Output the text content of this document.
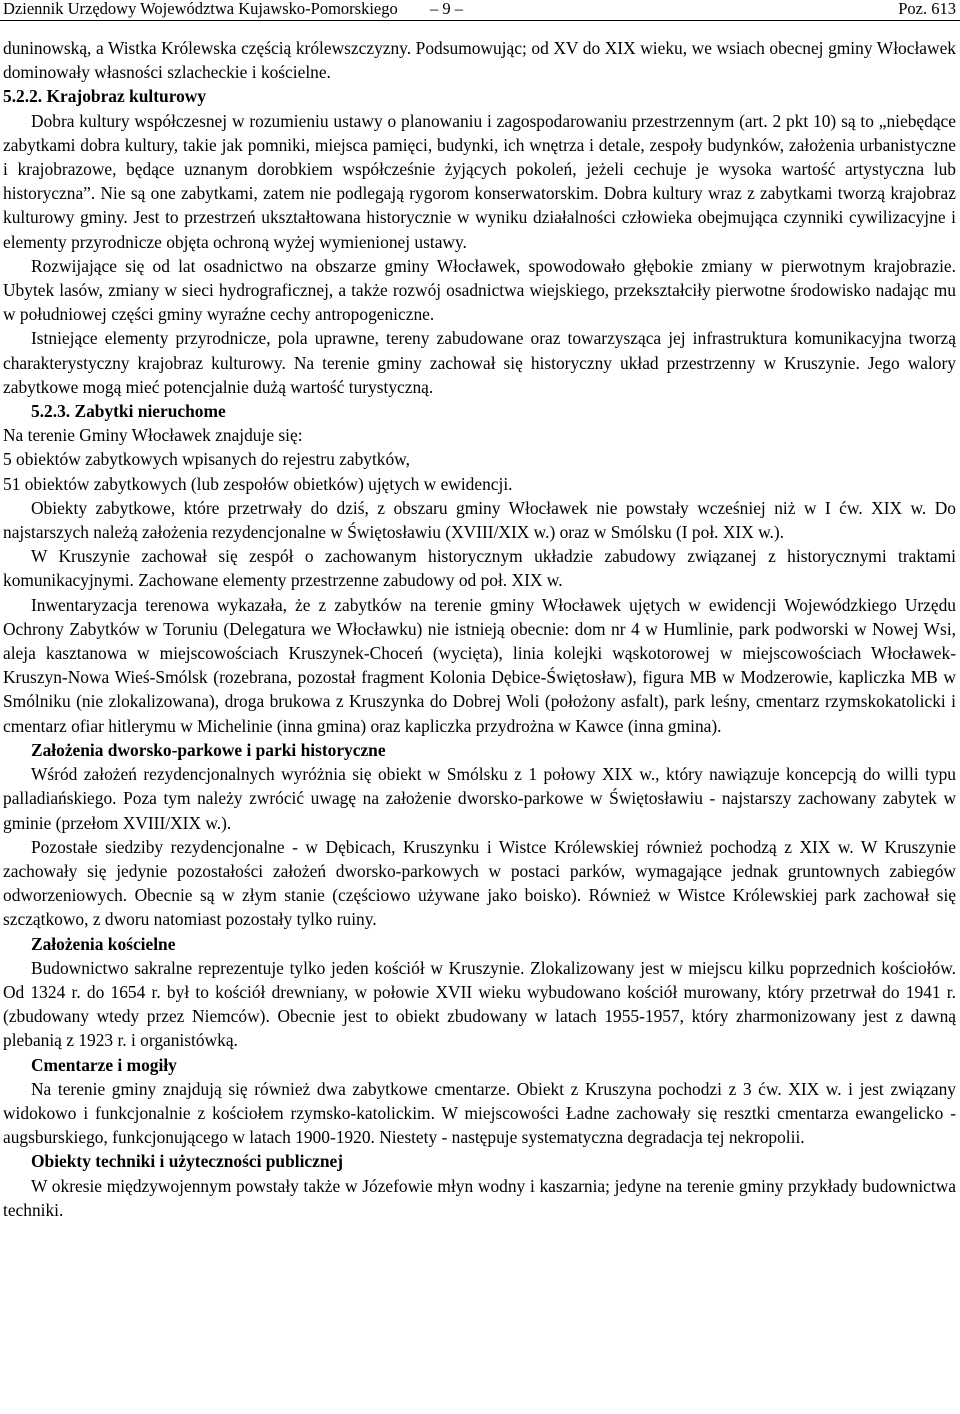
Dziennik Urzędowy Województwa Kujawsko-Pomorskiego – 9 –	Poz. 613

duninowską, a Wistka Królewska częścią królewszczyzny. Podsumowując; od XV do XIX wieku, we wsiach obecnej gminy Włocławek dominowały własności szlacheckie i kościelne.

5.2.2. Krajobraz kulturowy

Dobra kultury współczesnej w rozumieniu ustawy o planowaniu i zagospodarowaniu przestrzennym (art. 2 pkt 10) są to „niebędące zabytkami dobra kultury, takie jak pomniki, miejsca pamięci, budynki, ich wnętrza i detale, zespoły budynków, założenia urbanistyczne i krajobrazowe, będące uznanym dorobkiem współcześnie żyjących pokoleń, jeżeli cechuje je wysoka wartość artystyczna lub historyczna”. Nie są one zabytkami, zatem nie podlegają rygorom konserwatorskim. Dobra kultury wraz z zabytkami tworzą krajobraz kulturowy gminy. Jest to przestrzeń ukształtowana historycznie w wyniku działalności człowieka obejmująca czynniki cywilizacyjne i elementy przyrodnicze objęta ochroną wyżej wymienionej ustawy.

Rozwijające się od lat osadnictwo na obszarze gminy Włocławek, spowodowało głębokie zmiany w pierwotnym krajobrazie. Ubytek lasów, zmiany w sieci hydrograficznej, a także rozwój osadnictwa wiejskiego, przekształciły pierwotne środowisko nadając mu w południowej części gminy wyraźne cechy antropogeniczne.

Istniejące elementy przyrodnicze, pola uprawne, tereny zabudowane oraz towarzysząca jej infrastruktura komunikacyjna tworzą charakterystyczny krajobraz kulturowy. Na terenie gminy zachował się historyczny układ przestrzenny w Kruszynie. Jego walory zabytkowe mogą mieć potencjalnie dużą wartość turystyczną.

5.2.3. Zabytki nieruchome

Na terenie Gminy Włocławek znajduje się:

5 obiektów zabytkowych wpisanych do rejestru zabytków,

51 obiektów zabytkowych (lub zespołów obietków) ujętych w ewidencji.

Obiekty zabytkowe, które przetrwały do dziś, z obszaru gminy Włocławek nie powstały wcześniej niż w I ćw. XIX w. Do najstarszych należą założenia rezydencjonalne w Świętosławiu (XVIII/XIX w.) oraz w Smólsku (I poł. XIX w.).

W Kruszynie zachował się zespół o zachowanym historycznym układzie zabudowy związanej z historycznymi traktami komunikacyjnymi. Zachowane elementy przestrzenne zabudowy od poł. XIX w.

Inwentaryzacja terenowa wykazała, że z zabytków na terenie gminy Włocławek ujętych w ewidencji Wojewódzkiego Urzędu Ochrony Zabytków w Toruniu (Delegatura we Włocławku) nie istnieją obecnie: dom nr 4 w Humlinie, park podworski w Nowej Wsi, aleja kasztanowa w miejscowościach Kruszynek-Choceń (wycięta), linia kolejki wąskotorowej w miejscowościach Włocławek-Kruszyn-Nowa Wieś-Smólsk (rozebrana, pozostał fragment Kolonia Dębice-Świętosław), figura MB w Modzerowie, kapliczka MB w Smólniku (nie zlokalizowana), droga brukowa z Kruszynka do Dobrej Woli (położony asfalt), park leśny, cmentarz rzymskokatolicki i cmentarz ofiar hitlerymu w Michelinie (inna gmina) oraz kapliczka przydrożna w Kawce (inna gmina).

Założenia dworsko-parkowe i parki historyczne

Wśród założeń rezydencjonalnych wyróżnia się obiekt w Smólsku z 1 połowy XIX w., który nawiązuje koncepcją do willi typu palladiańskiego. Poza tym należy zwrócić uwagę na założenie dworsko-parkowe w Świętosławiu - najstarszy zachowany zabytek w gminie (przełom XVIII/XIX w.).

Pozostałe siedziby rezydencjonalne - w Dębicach, Kruszynku i Wistce Królewskiej również pochodzą z XIX w. W Kruszynie zachowały się jedynie pozostałości założeń dworsko-parkowych w postaci parków, wymagające jednak gruntownych zabiegów odworzeniowych. Obecnie są w złym stanie (częściowo używane jako boisko). Również w Wistce Królewskiej park zachował się szczątkowo, z dworu natomiast pozostały tylko ruiny.

Założenia kościelne

Budownictwo sakralne reprezentuje tylko jeden kościół w Kruszynie. Zlokalizowany jest w miejscu kilku poprzednich kościołów. Od 1324 r. do 1654 r. był to kościół drewniany, w połowie XVII wieku wybudowano kościół murowany, który przetrwał do 1941 r. (zbudowany wtedy przez Niemców). Obecnie jest to obiekt zbudowany w latach 1955-1957, który zharmonizowany jest z dawną plebanią z 1923 r. i organistówką.

Cmentarze i mogiły

Na terenie gminy znajdują się również dwa zabytkowe cmentarze. Obiekt z Kruszyna pochodzi z 3 ćw. XIX w. i jest związany widokowo i funkcjonalnie z kościołem rzymsko-katolickim. W miejscowości Ładne zachowały się resztki cmentarza ewangelicko - augsburskiego, funkcjonującego w latach 1900-1920. Niestety - następuje systematyczna degradacja tej nekropolii.

Obiekty techniki i użyteczności publicznej

W okresie międzywojennym powstały także w Józefowie młyn wodny i kaszarnia; jedyne na terenie gminy przykłady budownictwa techniki.
